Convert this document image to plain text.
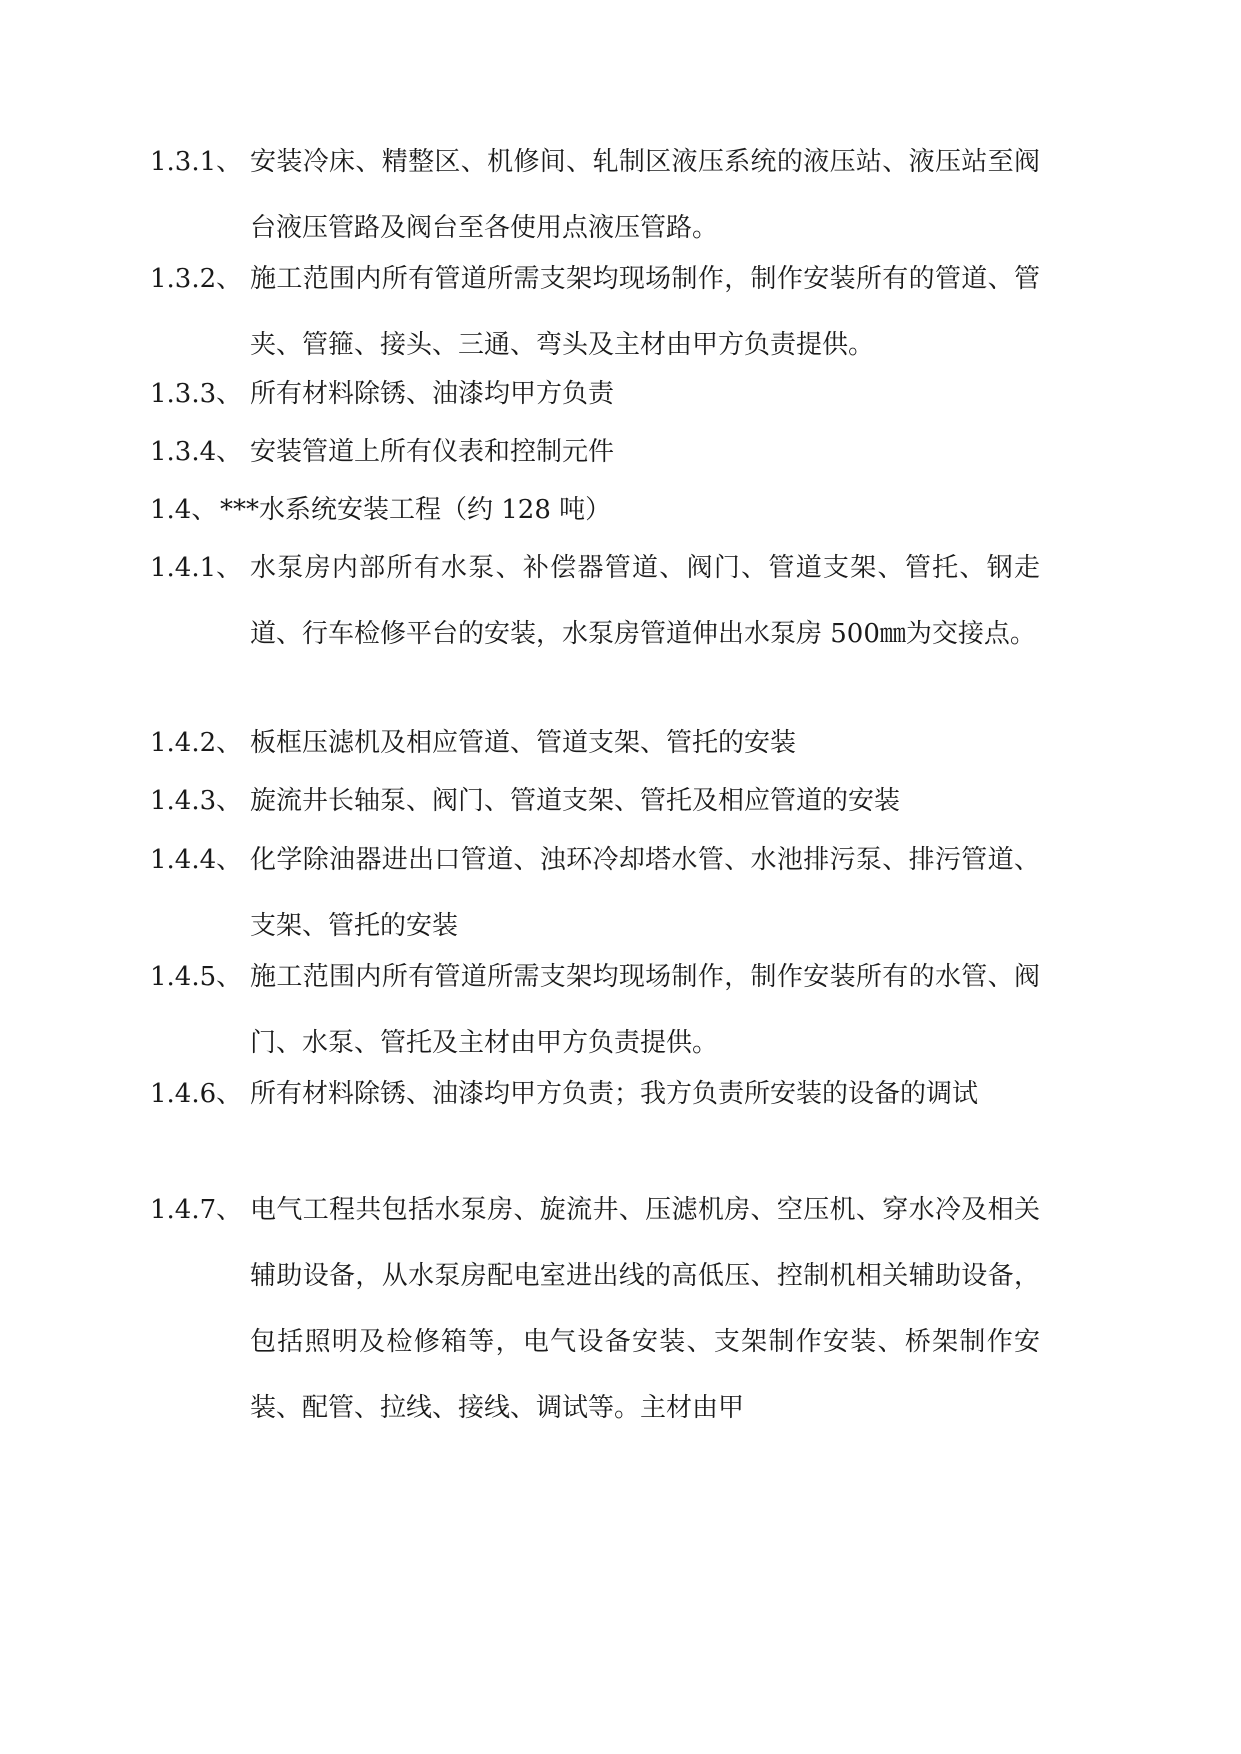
1.3.1、 安装冷床、精整区、机修间、轧制区液压系统的液压站、液压站至阀台液压管路及阀台至各使用点液压管路。
1.3.2、 施工范围内所有管道所需支架均现场制作，制作安装所有的管道、管夹、管箍、接头、三通、弯头及主材由甲方负责提供。
1.3.3、 所有材料除锈、油漆均甲方负责
1.3.4、 安装管道上所有仪表和控制元件
1.4、 ***水系统安装工程（约 128 吨）
1.4.1、 水泵房内部所有水泵、补偿器管道、阀门、管道支架、管托、钢走道、行车检修平台的安装，水泵房管道伸出水泵房 500㎜为交接点。
1.4.2、 板框压滤机及相应管道、管道支架、管托的安装
1.4.3、 旋流井长轴泵、阀门、管道支架、管托及相应管道的安装
1.4.4、 化学除油器进出口管道、浊环冷却塔水管、水池排污泵、排污管道、支架、管托的安装
1.4.5、 施工范围内所有管道所需支架均现场制作，制作安装所有的水管、阀门、水泵、管托及主材由甲方负责提供。
1.4.6、 所有材料除锈、油漆均甲方负责；我方负责所安装的设备的调试
1.4.7、 电气工程共包括水泵房、旋流井、压滤机房、空压机、穿水冷及相关辅助设备，从水泵房配电室进出线的高低压、控制机相关辅助设备，包括照明及检修箱等，电气设备安装、支架制作安装、桥架制作安装、配管、拉线、接线、调试等。主材由甲
